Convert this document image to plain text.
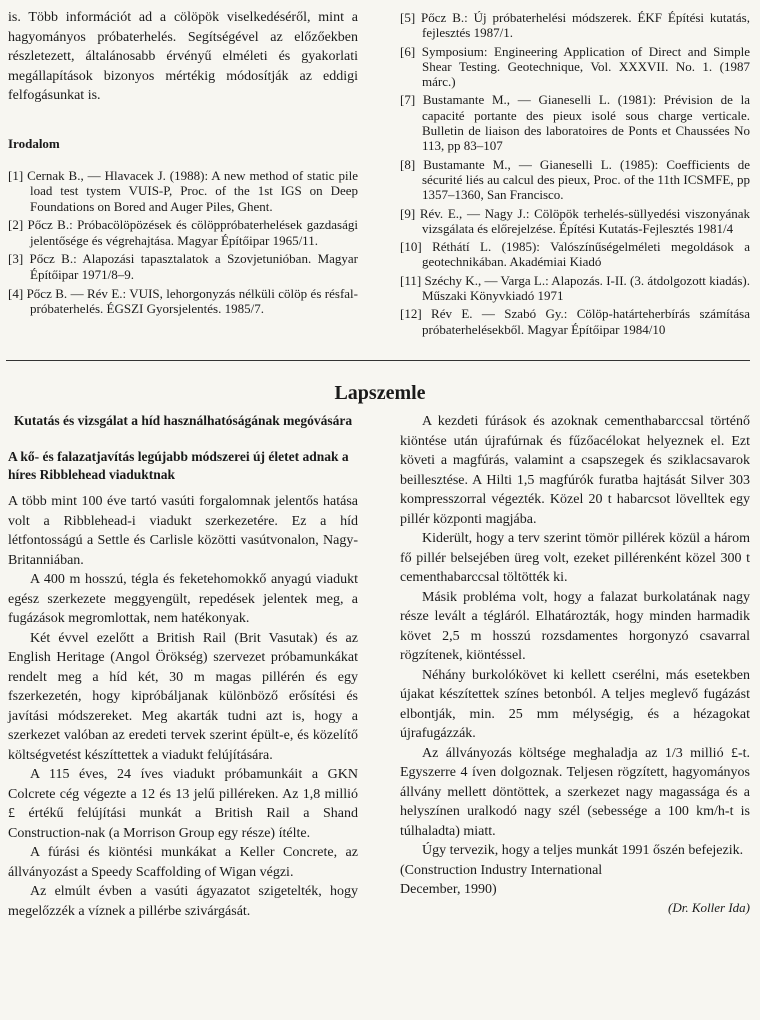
is. Több információt ad a cölöpök viselkedéséről, mint a hagyományos próbaterhelés. Segítségével az előzőekben részletezett, általánosabb érvényű elméleti és gyakorlati megállapítások bizonyos mértékig módosítják az eddigi felfogásunkat is.

Irodalom

[1] Cernak B., — Hlavacek J. (1988): A new method of static pile load test tystem VUIS-P, Proc. of the 1st IGS on Deep Foundations on Bored and Auger Piles, Ghent.

[2] Pőcz B.: Próbacölöpözések és cölöppróbaterhelések gazdasági jelentősége és végrehajtása. Magyar Építőipar 1965/11.

[3] Pőcz B.: Alapozási tapasztalatok a Szovjetunióban. Magyar Építőipar 1971/8–9.

[4] Pőcz B. — Rév E.: VUIS, lehorgonyzás nélküli cölöp és résfal-próbaterhelés. ÉGSZI Gyorsjelentés. 1985/7.

[5] Pőcz B.: Új próbaterhelési módszerek. ÉKF Építési kutatás, fejlesztés 1987/1.

[6] Symposium: Engineering Application of Direct and Simple Shear Testing. Geotechnique, Vol. XXXVII. No. 1. (1987 márc.)

[7] Bustamante M., — Gianeselli L. (1981): Prévision de la capacité portante des pieux isolé sous charge verticale. Bulletin de liaison des laboratoires de Ponts et Chaussées No 113, pp 83–107

[8] Bustamante M., — Gianeselli L. (1985): Coefficients de sécurité liés au calcul des pieux, Proc. of the 11th ICSMFE, pp 1357–1360, San Francisco.

[9] Rév. E., — Nagy J.: Cölöpök terhelés-süllyedési viszonyának vizsgálata és előrejelzése. Építési Kutatás-Fejlesztés 1981/4

[10] Réthátí L. (1985): Valószínűségelméleti megoldások a geotechnikában. Akadémiai Kiadó

[11] Széchy K., — Varga L.: Alapozás. I-II. (3. átdolgozott kiadás). Műszaki Könyvkiadó 1971

[12] Rév E. — Szabó Gy.: Cölöp-határteherbírás számítása próbaterhelésekből. Magyar Építőipar 1984/10

Lapszemle

Kutatás és vizsgálat a híd használhatóságának megóvására

A kő- és falazatjavítás legújabb módszerei új életet adnak a híres Ribblehead viaduktnak

A több mint 100 éve tartó vasúti forgalomnak jelentős hatása volt a Ribblehead-i viadukt szerkezetére. Ez a híd létfontosságú a Settle és Carlisle közötti vasútvonalon, Nagy-Britanniában.

A 400 m hosszú, tégla és feketehomokkő anyagú viadukt egész szerkezete meggyengült, repedések jelentek meg, a fugázások megromlottak, nem hatékonyak.

Két évvel ezelőtt a British Rail (Brit Vasutak) és az English Heritage (Angol Örökség) szervezet próbamunkákat rendelt meg a híd két, 30 m magas pillérén és egy fszerkezetén, hogy kipróbáljanak különböző erősítési és javítási módszereket. Meg akarták tudni azt is, hogy a szerkezet valóban az eredeti tervek szerint épült-e, és közelítő költségvetést készíttettek a viadukt felújítására.

A 115 éves, 24 íves viadukt próbamunkáit a GKN Colcrete cég végezte a 12 és 13 jelű pilléreken. Az 1,8 millió £ értékű felújítási munkát a British Rail a Shand Construction-nak (a Morrison Group egy része) ítélte.

A fúrási és kiöntési munkákat a Keller Concrete, az állványozást a Speedy Scaffolding of Wigan végzi.

Az elmúlt évben a vasúti ágyazatot szigetelték, hogy megelőzzék a víznek a pillérbe szivárgását.

A kezdeti fúrások és azoknak cementhabarccsal történő kiöntése után újrafúrnak és fűzőacélokat helyeznek el. Ezt követi a magfúrás, valamint a csapszegek és sziklacsavarok beillesztése. A Hilti 1,5 magfúrók furatba hajtását Silver 303 kompresszorral végezték. Közel 20 t habarcsot lövelltek egy pillér központi magjába.

Kiderült, hogy a terv szerint tömör pillérek közül a három fő pillér belsejében üreg volt, ezeket pillérenként közel 300 t cementhabarccsal töltötték ki.

Másik probléma volt, hogy a falazat burkolatának nagy része levált a tégláról. Elhatározták, hogy minden harmadik követ 2,5 m hosszú rozsdamentes horgonyzó csavarral rögzítenek, kiöntéssel.

Néhány burkolókövet ki kellett cserélni, más esetekben újakat készítettek színes betonból. A teljes meglevő fugázást elbontják, min. 25 mm mélységig, és a hézagokat újrafugázzák.

Az állványozás költsége meghaladja az 1/3 millió £-t. Egyszerre 4 íven dolgoznak. Teljesen rögzített, hagyományos állvány mellett döntöttek, a szerkezet nagy magassága és a helyszínen uralkodó nagy szél (sebessége a 100 km/h-t is túlhaladta) miatt.

Úgy tervezik, hogy a teljes munkát 1991 őszén befejezik.

(Construction Industry International

December, 1990)

(Dr. Koller Ida)
